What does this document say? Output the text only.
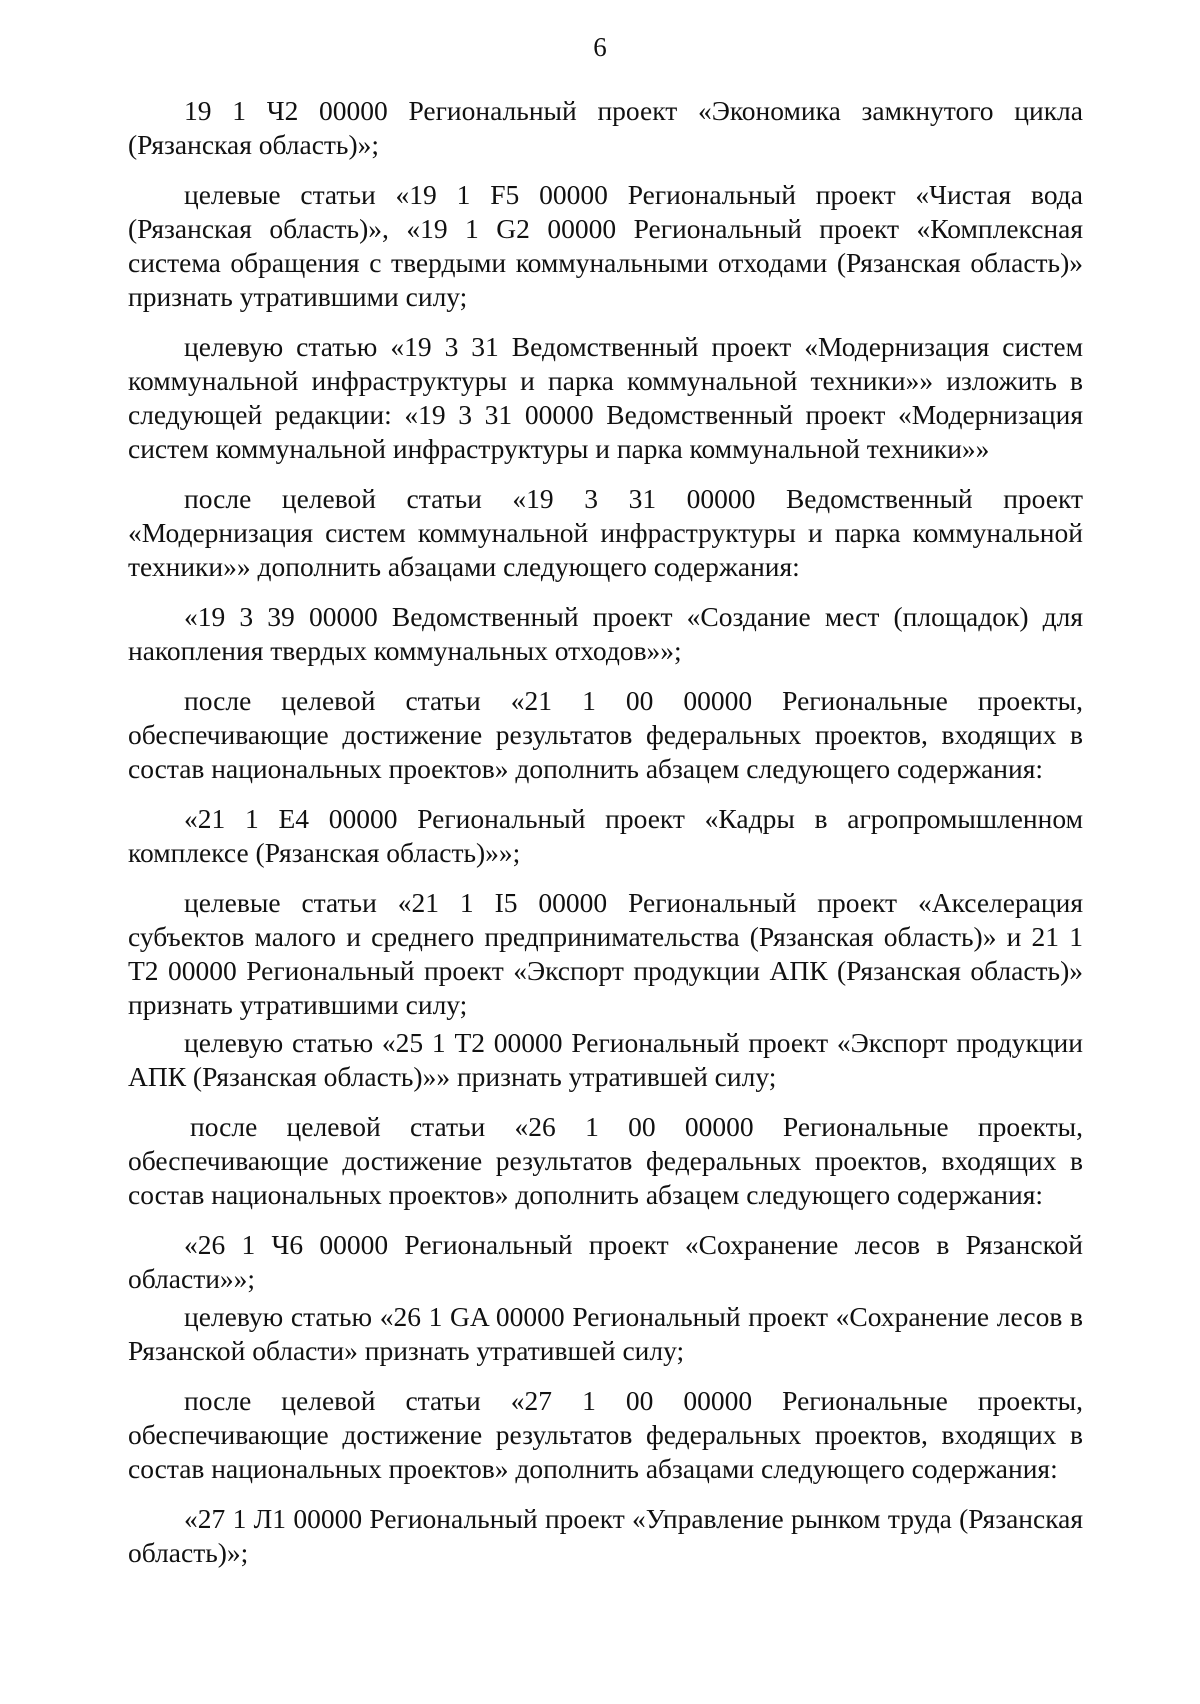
6

19 1 Ч2 00000 Региональный проект «Экономика замкнутого цикла (Рязанская область)»;

целевые статьи «19 1 F5 00000 Региональный проект «Чистая вода (Рязанская область)», «19 1 G2 00000 Региональный проект «Комплексная система обращения с твердыми коммунальными отходами (Рязанская область)» признать утратившими силу;

целевую статью «19 3 31 Ведомственный проект «Модернизация систем коммунальной инфраструктуры и парка коммунальной техники»» изложить в следующей редакции: «19 3 31 00000 Ведомственный проект «Модернизация систем коммунальной инфраструктуры и парка коммунальной техники»»

после целевой статьи «19 3 31 00000 Ведомственный проект «Модернизация систем коммунальной инфраструктуры и парка коммунальной техники»» дополнить абзацами следующего содержания:

«19 3 39 00000 Ведомственный проект «Создание мест (площадок) для накопления твердых коммунальных отходов»»;

после целевой статьи «21 1 00 00000 Региональные проекты, обеспечивающие достижение результатов федеральных проектов, входящих в состав национальных проектов» дополнить абзацем следующего содержания:

«21 1 Е4 00000 Региональный проект «Кадры в агропромышленном комплексе (Рязанская область)»»;

целевые статьи «21 1 I5 00000 Региональный проект «Акселерация субъектов малого и среднего предпринимательства (Рязанская область)» и 21 1 Т2 00000 Региональный проект «Экспорт продукции АПК (Рязанская область)» признать утратившими силу;

целевую статью «25 1 Т2 00000 Региональный проект «Экспорт продукции АПК (Рязанская область)»» признать утратившей силу;

после целевой статьи «26 1 00 00000 Региональные проекты, обеспечивающие достижение результатов федеральных проектов, входящих в состав национальных проектов» дополнить абзацем следующего содержания:

«26 1 Ч6 00000 Региональный проект «Сохранение лесов в Рязанской области»»;

целевую статью «26 1 GA 00000 Региональный проект «Сохранение лесов в Рязанской области» признать утратившей силу;

после целевой статьи «27 1 00 00000 Региональные проекты, обеспечивающие достижение результатов федеральных проектов, входящих в состав национальных проектов» дополнить абзацами следующего содержания:

«27 1 Л1 00000 Региональный проект «Управление рынком труда (Рязанская область)»;
